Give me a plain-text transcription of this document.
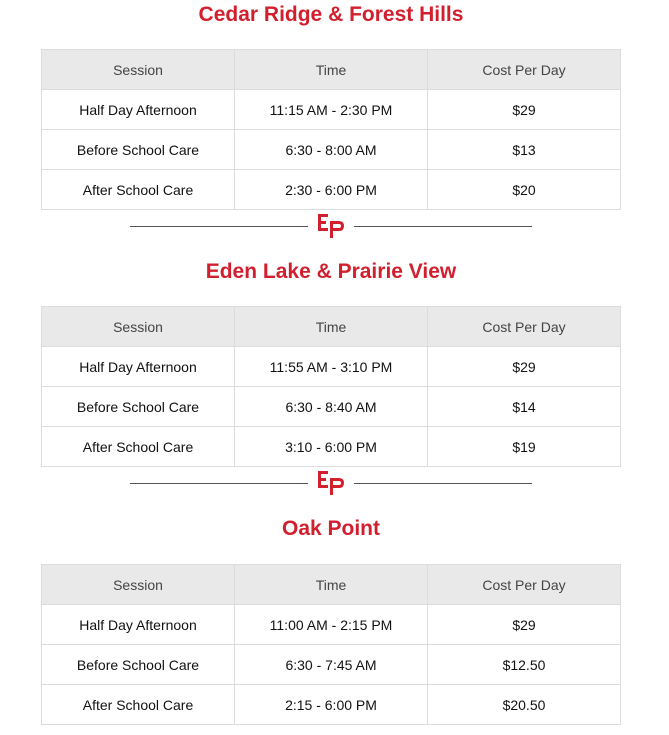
Cedar Ridge & Forest Hills
Session	Time	Cost Per Day
Half Day Afternoon	11:15 AM - 2:30 PM	$29
Before School Care	6:30 - 8:00 AM	$13
After School Care	2:30 - 6:00 PM	$20
Eden Lake & Prairie View
Session	Time	Cost Per Day
Half Day Afternoon	11:55 AM - 3:10 PM	$29
Before School Care	6:30 - 8:40 AM	$14
After School Care	3:10 - 6:00 PM	$19
Oak Point
Session	Time	Cost Per Day
Half Day Afternoon	11:00 AM - 2:15 PM	$29
Before School Care	6:30 - 7:45 AM	$12.50
After School Care	2:15 - 6:00 PM	$20.50
